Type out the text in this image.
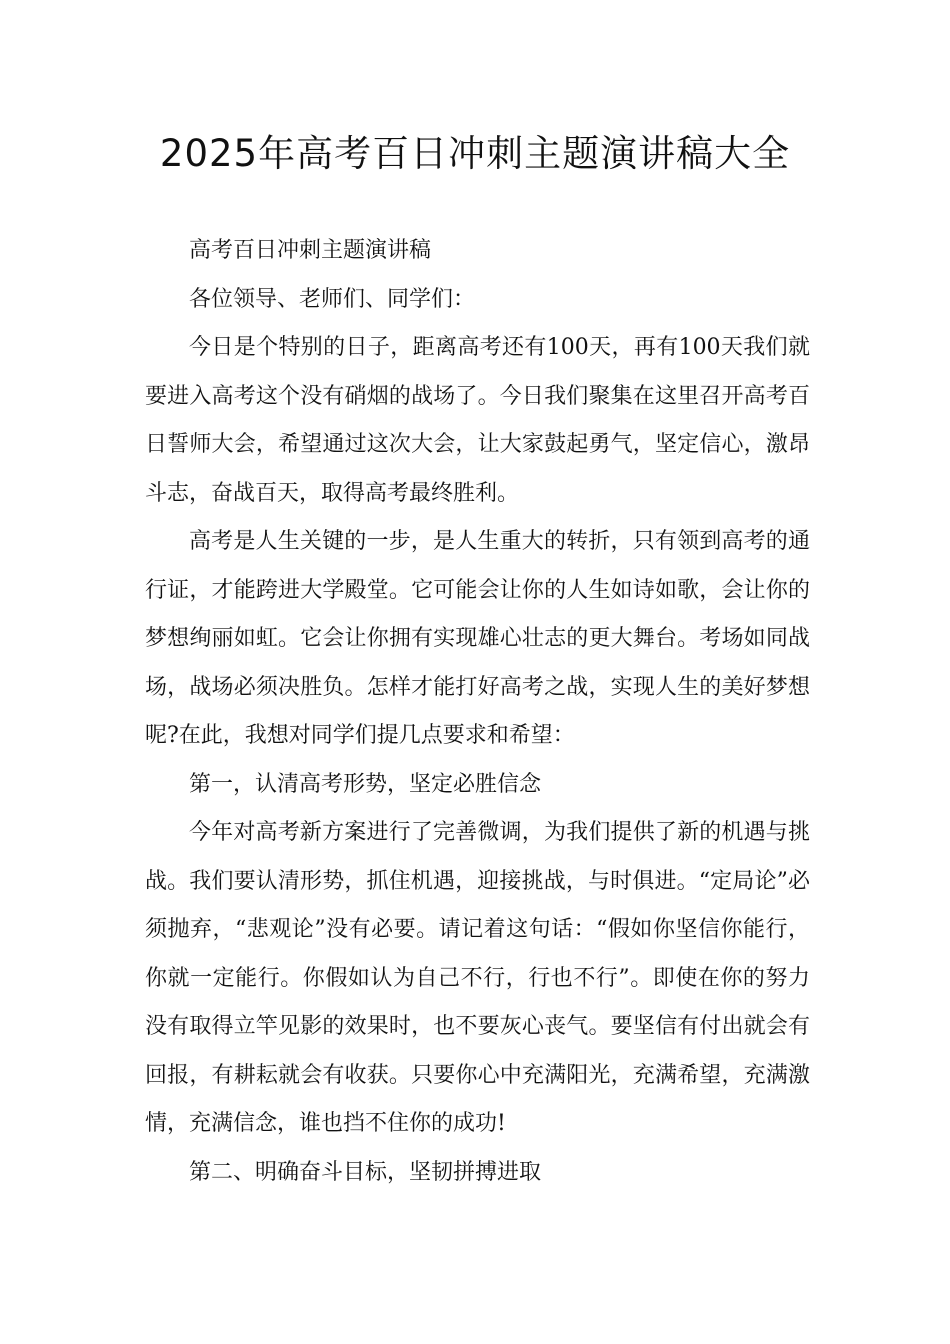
2025年高考百日冲刺主题演讲稿大全

高考百日冲刺主题演讲稿

各位领导、老师们、同学们：

今日是个特别的日子，距离高考还有100天，再有100天我们就要进入高考这个没有硝烟的战场了。今日我们聚集在这里召开高考百日誓师大会，希望通过这次大会，让大家鼓起勇气，坚定信心，激昂斗志，奋战百天，取得高考最终胜利。

高考是人生关键的一步，是人生重大的转折，只有领到高考的通行证，才能跨进大学殿堂。它可能会让你的人生如诗如歌，会让你的梦想绚丽如虹。它会让你拥有实现雄心壮志的更大舞台。考场如同战场，战场必须决胜负。怎样才能打好高考之战，实现人生的美好梦想呢?在此，我想对同学们提几点要求和希望：

第一，认清高考形势，坚定必胜信念

今年对高考新方案进行了完善微调，为我们提供了新的机遇与挑战。我们要认清形势，抓住机遇，迎接挑战，与时俱进。“定局论”必须抛弃，“悲观论”没有必要。请记着这句话：“假如你坚信你能行，你就一定能行。你假如认为自己不行，行也不行”。即使在你的努力没有取得立竿见影的效果时，也不要灰心丧气。要坚信有付出就会有回报，有耕耘就会有收获。只要你心中充满阳光，充满希望，充满激情，充满信念，谁也挡不住你的成功!

第二、明确奋斗目标，坚韧拼搏进取
